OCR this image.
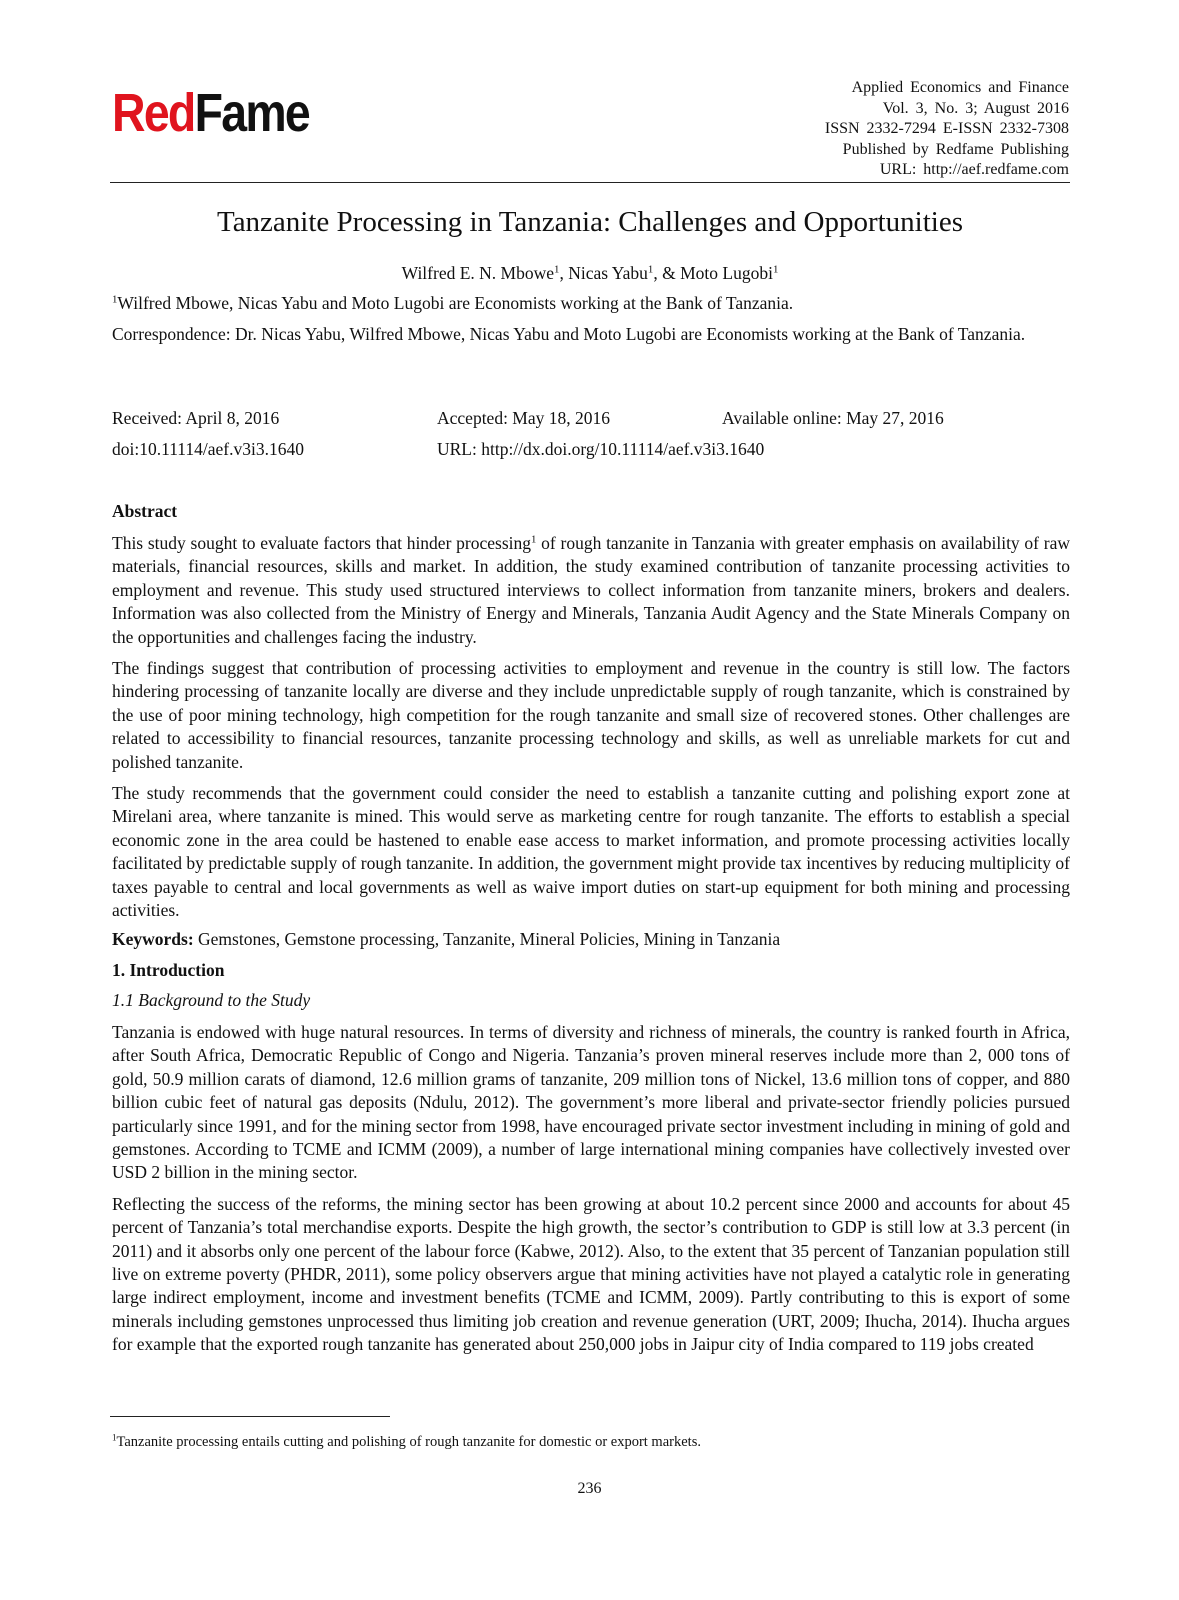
RedFame	Applied Economics and Finance
Vol. 3, No. 3; August 2016
ISSN 2332-7294 E-ISSN 2332-7308
Published by Redfame Publishing
URL: http://aef.redfame.com
Tanzanite Processing in Tanzania: Challenges and Opportunities
Wilfred E. N. Mbowe$^1$, Nicas Yabu$^1$, & Moto Lugobi$^1$
$^1$Wilfred Mbowe, Nicas Yabu and Moto Lugobi are Economists working at the Bank of Tanzania.
Correspondence: Dr. Nicas Yabu, Wilfred Mbowe, Nicas Yabu and Moto Lugobi are Economists working at the Bank of Tanzania.
Received: April 8, 2016	Accepted: May 18, 2016	Available online: May 27, 2016
doi:10.11114/aef.v3i3.1640	URL: http://dx.doi.org/10.11114/aef.v3i3.1640
Abstract

This study sought to evaluate factors that hinder processing$^1$ of rough tanzanite in Tanzania with greater emphasis on availability of raw materials, financial resources, skills and market. In addition, the study examined contribution of tanzanite processing activities to employment and revenue. This study used structured interviews to collect information from tanzanite miners, brokers and dealers. Information was also collected from the Ministry of Energy and Minerals, Tanzania Audit Agency and the State Minerals Company on the opportunities and challenges facing the industry.

The findings suggest that contribution of processing activities to employment and revenue in the country is still low. The factors hindering processing of tanzanite locally are diverse and they include unpredictable supply of rough tanzanite, which is constrained by the use of poor mining technology, high competition for the rough tanzanite and small size of recovered stones. Other challenges are related to accessibility to financial resources, tanzanite processing technology and skills, as well as unreliable markets for cut and polished tanzanite.

The study recommends that the government could consider the need to establish a tanzanite cutting and polishing export zone at Mirelani area, where tanzanite is mined. This would serve as marketing centre for rough tanzanite. The efforts to establish a special economic zone in the area could be hastened to enable ease access to market information, and promote processing activities locally facilitated by predictable supply of rough tanzanite. In addition, the government might provide tax incentives by reducing multiplicity of taxes payable to central and local governments as well as waive import duties on start-up equipment for both mining and processing activities.

Keywords: Gemstones, Gemstone processing, Tanzanite, Mineral Policies, Mining in Tanzania
1. Introduction
1.1 Background to the Study

Tanzania is endowed with huge natural resources. In terms of diversity and richness of minerals, the country is ranked fourth in Africa, after South Africa, Democratic Republic of Congo and Nigeria. Tanzania’s proven mineral reserves include more than 2, 000 tons of gold, 50.9 million carats of diamond, 12.6 million grams of tanzanite, 209 million tons of Nickel, 13.6 million tons of copper, and 880 billion cubic feet of natural gas deposits (Ndulu, 2012). The government’s more liberal and private-sector friendly policies pursued particularly since 1991, and for the mining sector from 1998, have encouraged private sector investment including in mining of gold and gemstones. According to TCME and ICMM (2009), a number of large international mining companies have collectively invested over USD 2 billion in the mining sector.

Reflecting the success of the reforms, the mining sector has been growing at about 10.2 percent since 2000 and accounts for about 45 percent of Tanzania’s total merchandise exports. Despite the high growth, the sector’s contribution to GDP is still low at 3.3 percent (in 2011) and it absorbs only one percent of the labour force (Kabwe, 2012). Also, to the extent that 35 percent of Tanzanian population still live on extreme poverty (PHDR, 2011), some policy observers argue that mining activities have not played a catalytic role in generating large indirect employment, income and investment benefits (TCME and ICMM, 2009). Partly contributing to this is export of some minerals including gemstones unprocessed thus limiting job creation and revenue generation (URT, 2009; Ihucha, 2014). Ihucha argues for example that the exported rough tanzanite has generated about 250,000 jobs in Jaipur city of India compared to 119 jobs created

$^1$Tanzanite processing entails cutting and polishing of rough tanzanite for domestic or export markets.
236
